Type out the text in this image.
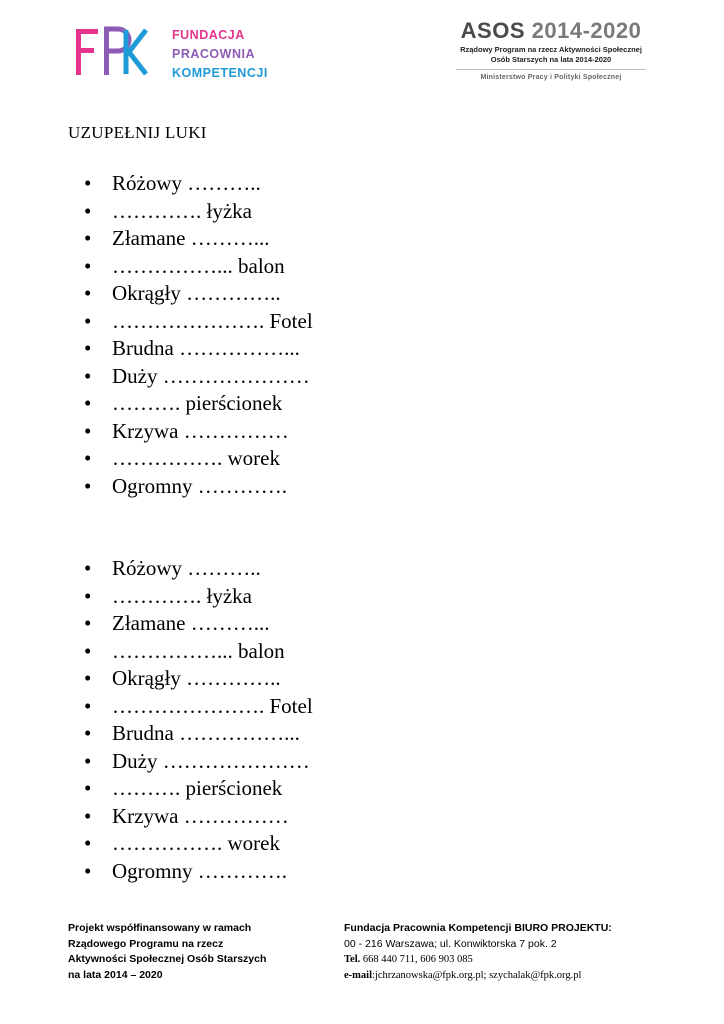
FUNDACJA
PRACOWNIA
KOMPETENCJI
ASOS 2014-2020
Rządowy Program na rzecz Aktywności Społecznej
Osób Starszych na lata 2014-2020
Ministerstwo Pracy i Polityki Społecznej
UZUPEŁNIJ LUKI
• Różowy ………..
• …………. łyżka
• Złamane ………...
• ……………... balon
• Okrągły …………..
• …………………. Fotel
• Brudna ……………...
• Duży …………………
• ………. pierścionek
• Krzywa ……………
• ……………. worek
• Ogromny ………….
• Różowy ………..
• …………. łyżka
• Złamane ………...
• ……………... balon
• Okrągły …………..
• …………………. Fotel
• Brudna ……………...
• Duży …………………
• ………. pierścionek
• Krzywa ……………
• ……………. worek
• Ogromny ………….
Projekt współfinansowany w ramach
Rządowego Programu na rzecz
Aktywności Społecznej Osób Starszych
na lata 2014 – 2020
Fundacja Pracownia Kompetencji BIURO PROJEKTU:
00 - 216 Warszawa; ul. Konwiktorska 7 pok. 2
Tel. 668 440 711, 606 903 085
e-mail:jchrzanowska@fpk.org.pl; szychalak@fpk.org.pl
